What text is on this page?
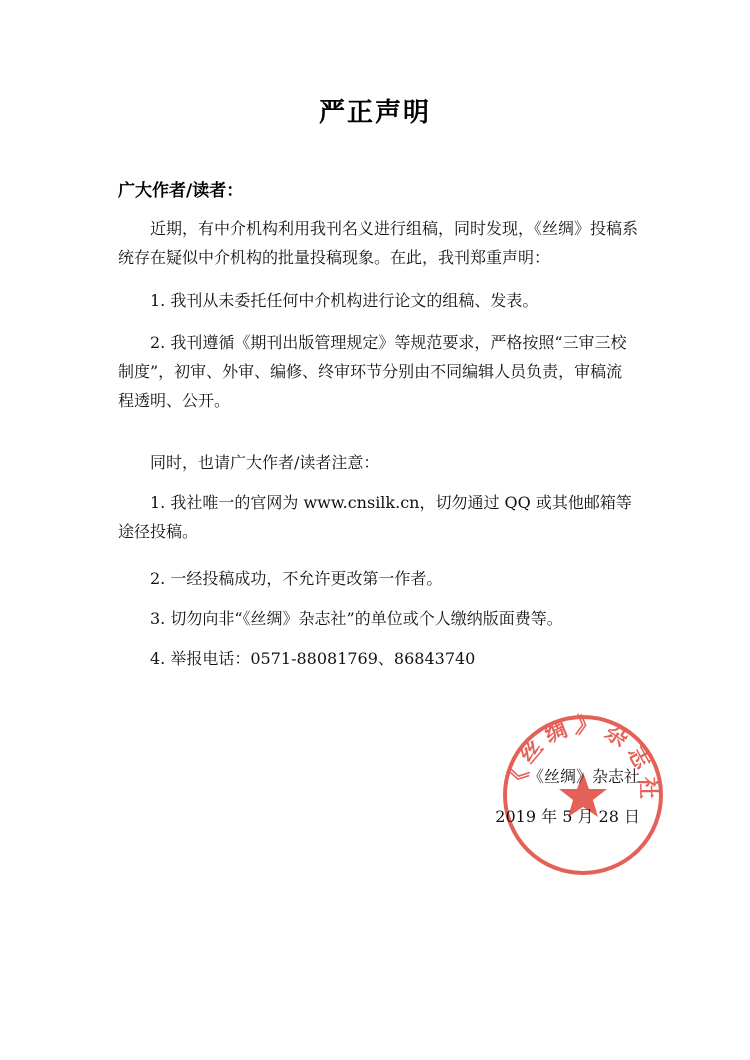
严正声明
广大作者/读者：
近期，有中介机构利用我刊名义进行组稿，同时发现，《丝绸》投稿系统存在疑似中介机构的批量投稿现象。在此，我刊郑重声明：
1. 我刊从未委托任何中介机构进行论文的组稿、发表。
2. 我刊遵循《期刊出版管理规定》等规范要求，严格按照“三审三校制度”，初审、外审、编修、终审环节分别由不同编辑人员负责，审稿流程透明、公开。
同时，也请广大作者/读者注意：
1. 我社唯一的官网为 www.cnsilk.cn，切勿通过 QQ 或其他邮箱等途径投稿。
2. 一经投稿成功，不允许更改第一作者。
3. 切勿向非“《丝绸》杂志社”的单位或个人缴纳版面费等。
4. 举报电话：0571-88081769、86843740
《丝绸》杂志社
《丝绸》杂志社
2019 年 5 月 28 日
